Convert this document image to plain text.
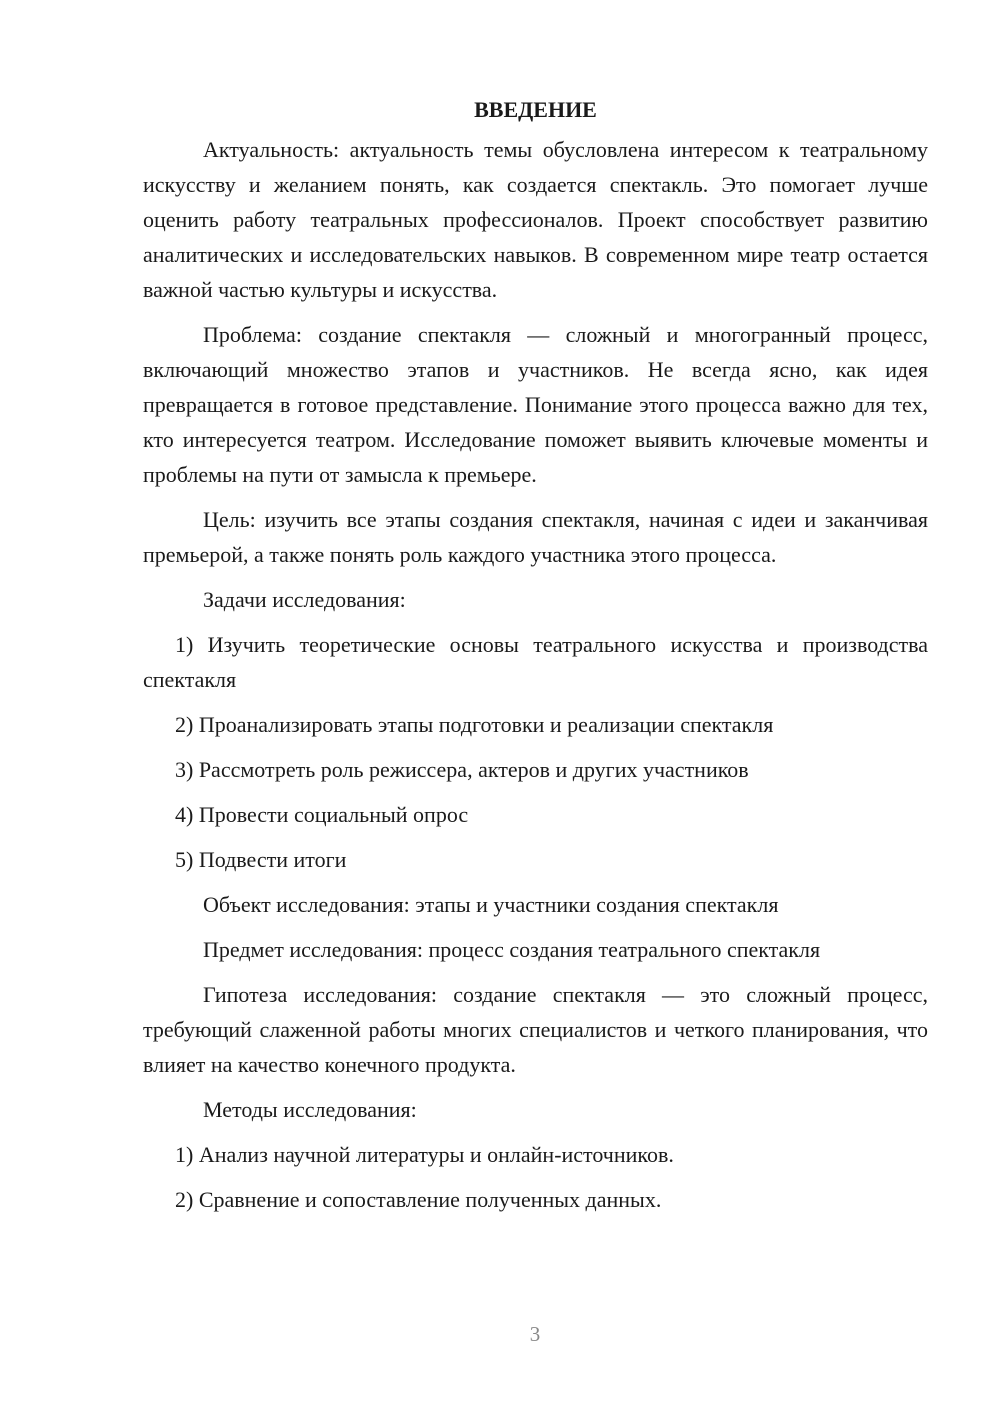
ВВЕДЕНИЕ

Актуальность: актуальность темы обусловлена интересом к театральному искусству и желанием понять, как создается спектакль. Это помогает лучше оценить работу театральных профессионалов. Проект способствует развитию аналитических и исследовательских навыков. В современном мире театр остается важной частью культуры и искусства.

Проблема: создание спектакля — сложный и многогранный процесс, включающий множество этапов и участников. Не всегда ясно, как идея превращается в готовое представление. Понимание этого процесса важно для тех, кто интересуется театром. Исследование поможет выявить ключевые моменты и проблемы на пути от замысла к премьере.

Цель: изучить все этапы создания спектакля, начиная с идеи и заканчивая премьерой, а также понять роль каждого участника этого процесса.

Задачи исследования:

1) Изучить теоретические основы театрального искусства и производства спектакля

2) Проанализировать этапы подготовки и реализации спектакля

3) Рассмотреть роль режиссера, актеров и других участников

4) Провести социальный опрос

5) Подвести итоги

Объект исследования: этапы и участники создания спектакля

Предмет исследования: процесс создания театрального спектакля

Гипотеза исследования: создание спектакля — это сложный процесс, требующий слаженной работы многих специалистов и четкого планирования, что влияет на качество конечного продукта.

Методы исследования:

1) Анализ научной литературы и онлайн-источников.

2) Сравнение и сопоставление полученных данных.

3
